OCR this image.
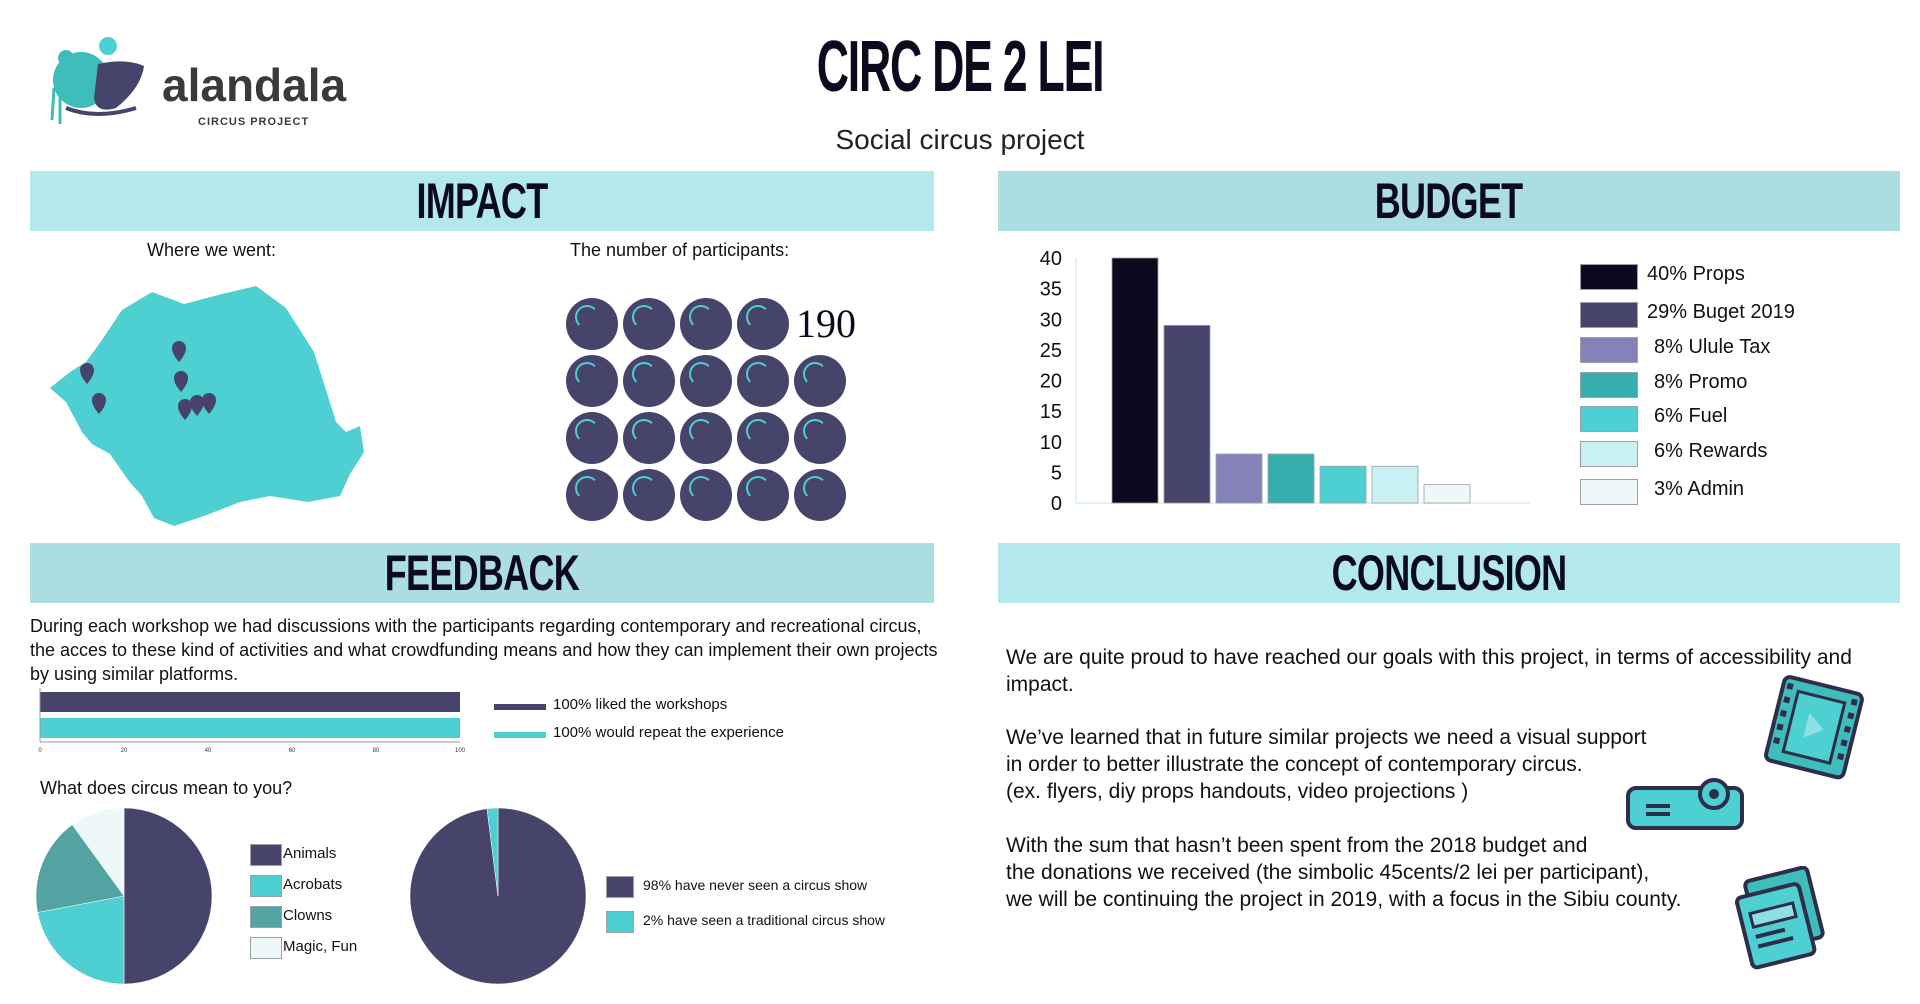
alandala
CIRCUS PROJECT
CIRC DE 2 LEI
Social circus project
IMPACT	BUDGET
FEEDBACK	CONCLUSION
Where we went:	The number of participants:
190
0
5
10
15
20
25
30
35
40
40% Props
29% Buget 2019
8% Ulule Tax
8% Promo
6% Fuel
6% Rewards
3% Admin
During each workshop we had discussions with the participants regarding contemporary and recreational circus, the acces to these kind of activities and what crowdfunding means and how they can implement their own projects by using similar platforms.
0	20	40	60	80	100
100% liked the workshops
100% would repeat the experience
What does circus mean to you?
Animals
Acrobats
Clowns
Magic, Fun
98% have never seen a circus show
2% have seen a traditional circus show
We are quite proud to have reached our goals with this project, in terms of accessibility and impact.
We’ve learned that in future similar projects we need a visual support
in order to better illustrate the concept of contemporary circus.
(ex. flyers, diy props handouts, video projections )
With the sum that hasn’t been spent from the 2018 budget and
the donations we received (the simbolic 45cents/2 lei per participant),
we will be continuing the project in 2019, with a focus in the Sibiu county.
